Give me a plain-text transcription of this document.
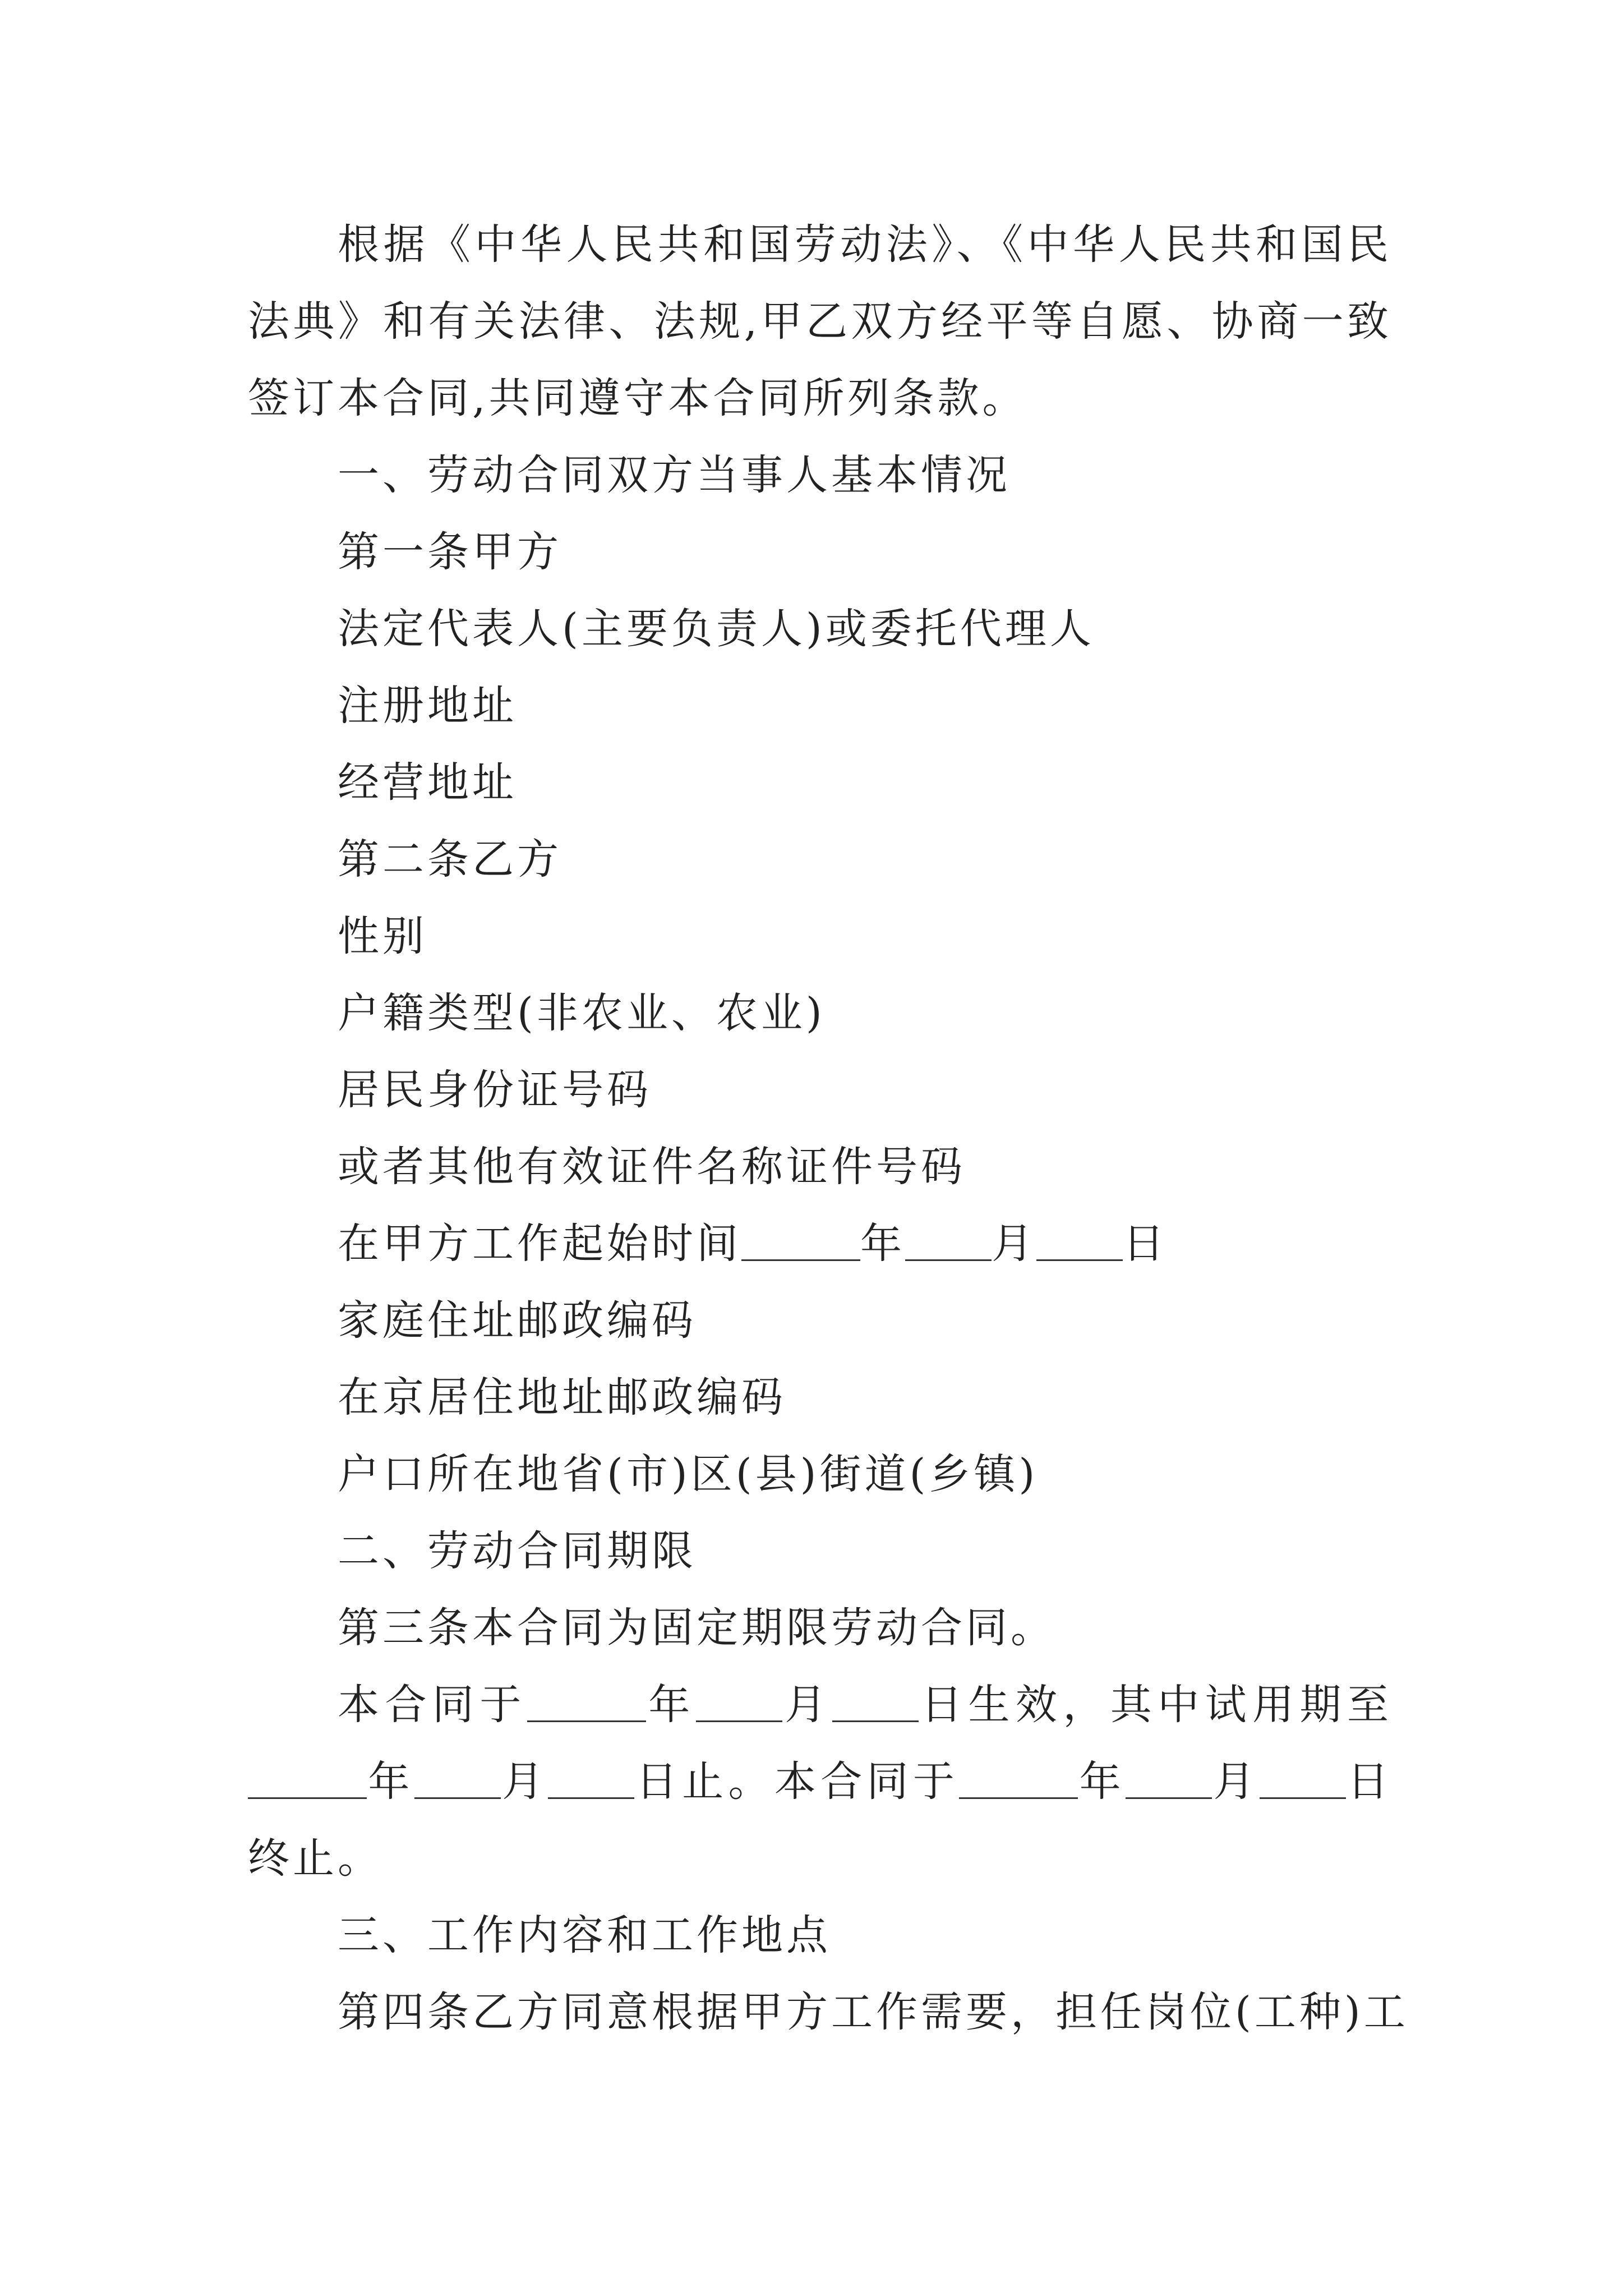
根据《中华人民共和国劳动法》、《中华人民共和国民法典》和有关法律、法规,甲乙双方经平等自愿、协商一致签订本合同,共同遵守本合同所列条款。

一、劳动合同双方当事人基本情况

第一条甲方

法定代表人(主要负责人)或委托代理人

注册地址

经营地址

第二条乙方

性别

户籍类型(非农业、农业)

居民身份证号码

或者其他有效证件名称证件号码

在甲方工作起始时间	年 月 日

家庭住址邮政编码

在京居住地址邮政编码

户口所在地省(市)区(县)街道(乡镇)

二、劳动合同期限

第三条本合同为固定期限劳动合同。

本合同于	年 月 日生效，其中试用期至年 月 日止。本合同于	年 月 日终止。

三、工作内容和工作地点

第四条乙方同意根据甲方工作需要，担任岗位(工种)工
